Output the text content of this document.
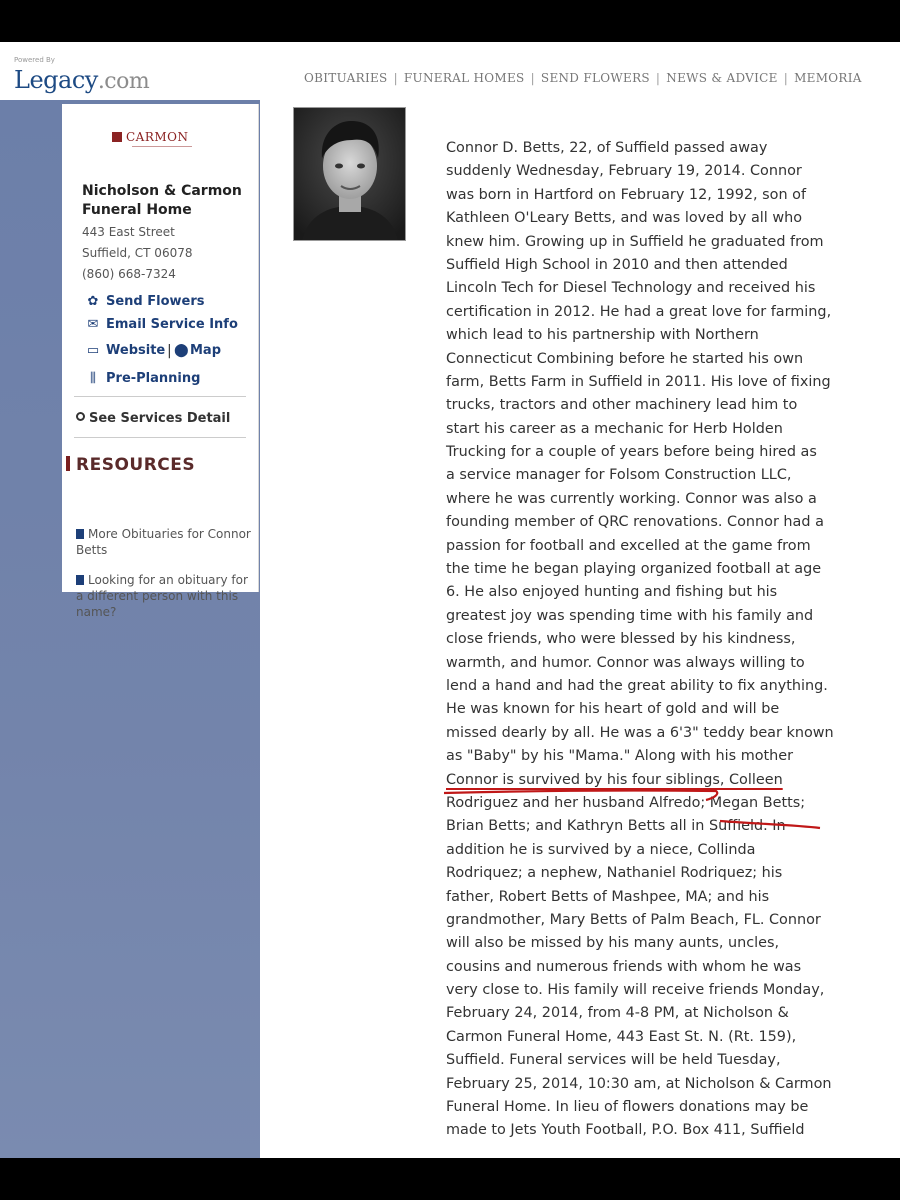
Powered By
Legacy.com	OBITUARIES | FUNERAL HOMES | SEND FLOWERS | NEWS & ADVICE | MEMORIA
CARMON
Nicholson & Carmon Funeral Home
443 East Street
Suffield, CT 06078
(860) 668-7324
✿ Send Flowers
✉ Email Service Info
▭ Website | ⬤Map
⫼ Pre-Planning
See Services Detail
RESOURCES
More Obituaries for Connor Betts
Looking for an obituary for a different person with this name?
Connor D. Betts, 22, of Suffield passed away
suddenly Wednesday, February 19, 2014. Connor
was born in Hartford on February 12, 1992, son of
Kathleen O'Leary Betts, and was loved by all who
knew him. Growing up in Suffield he graduated from
Suffield High School in 2010 and then attended
Lincoln Tech for Diesel Technology and received his
certification in 2012. He had a great love for farming,
which lead to his partnership with Northern
Connecticut Combining before he started his own
farm, Betts Farm in Suffield in 2011. His love of fixing
trucks, tractors and other machinery lead him to
start his career as a mechanic for Herb Holden
Trucking for a couple of years before being hired as
a service manager for Folsom Construction LLC,
where he was currently working. Connor was also a
founding member of QRC renovations. Connor had a
passion for football and excelled at the game from
the time he began playing organized football at age
6. He also enjoyed hunting and fishing but his
greatest joy was spending time with his family and
close friends, who were blessed by his kindness,
warmth, and humor. Connor was always willing to
lend a hand and had the great ability to fix anything.
He was known for his heart of gold and will be
missed dearly by all. He was a 6'3" teddy bear known
as "Baby" by his "Mama." Along with his mother
Connor is survived by his four siblings, Colleen
Rodriguez and her husband Alfredo; Megan Betts;
Brian Betts; and Kathryn Betts all in Suffield. In
addition he is survived by a niece, Collinda
Rodriquez; a nephew, Nathaniel Rodriquez; his
father, Robert Betts of Mashpee, MA; and his
grandmother, Mary Betts of Palm Beach, FL. Connor
will also be missed by his many aunts, uncles,
cousins and numerous friends with whom he was
very close to. His family will receive friends Monday,
February 24, 2014, from 4-8 PM, at Nicholson &
Carmon Funeral Home, 443 East St. N. (Rt. 159),
Suffield. Funeral services will be held Tuesday,
February 25, 2014, 10:30 am, at Nicholson & Carmon
Funeral Home. In lieu of flowers donations may be
made to Jets Youth Football, P.O. Box 411, Suffield
